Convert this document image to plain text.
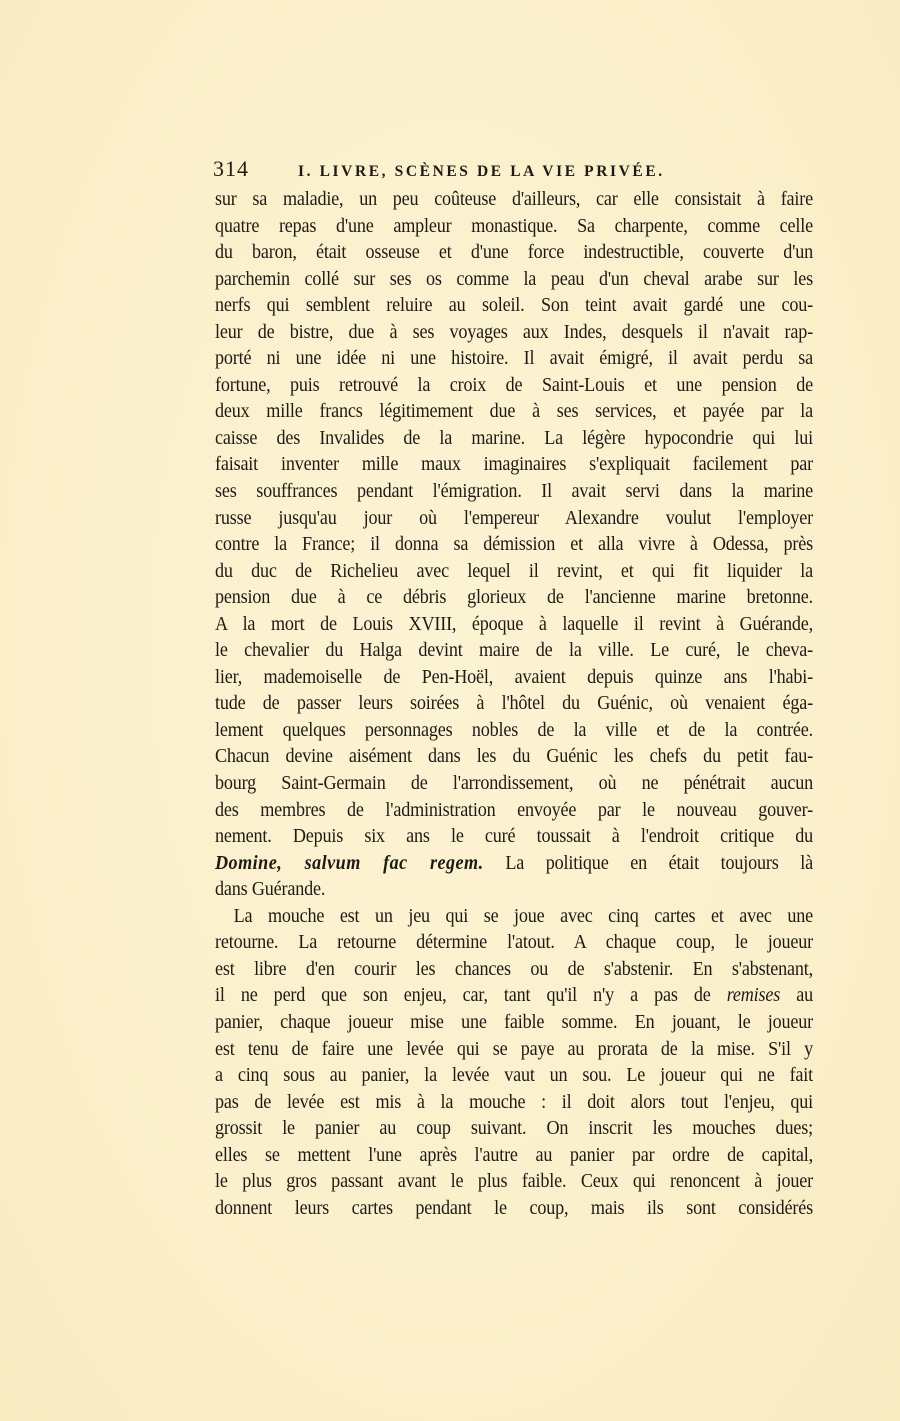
314	I. LIVRE, SCÈNES DE LA VIE PRIVÉE.
sur sa maladie, un peu coûteuse d'ailleurs, car elle consistait à faire
quatre repas d'une ampleur monastique. Sa charpente, comme celle
du baron, était osseuse et d'une force indestructible, couverte d'un
parchemin collé sur ses os comme la peau d'un cheval arabe sur les
nerfs qui semblent reluire au soleil. Son teint avait gardé une cou-
leur de bistre, due à ses voyages aux Indes, desquels il n'avait rap-
porté ni une idée ni une histoire. Il avait émigré, il avait perdu sa
fortune, puis retrouvé la croix de Saint-Louis et une pension de
deux mille francs légitimement due à ses services, et payée par la
caisse des Invalides de la marine. La légère hypocondrie qui lui
faisait inventer mille maux imaginaires s'expliquait facilement par
ses souffrances pendant l'émigration. Il avait servi dans la marine
russe jusqu'au jour où l'empereur Alexandre voulut l'employer
contre la France; il donna sa démission et alla vivre à Odessa, près
du duc de Richelieu avec lequel il revint, et qui fit liquider la
pension due à ce débris glorieux de l'ancienne marine bretonne.
A la mort de Louis XVIII, époque à laquelle il revint à Guérande,
le chevalier du Halga devint maire de la ville. Le curé, le cheva-
lier, mademoiselle de Pen-Hoël, avaient depuis quinze ans l'habi-
tude de passer leurs soirées à l'hôtel du Guénic, où venaient éga-
lement quelques personnages nobles de la ville et de la contrée.
Chacun devine aisément dans les du Guénic les chefs du petit fau-
bourg Saint-Germain de l'arrondissement, où ne pénétrait aucun
des membres de l'administration envoyée par le nouveau gouver-
nement. Depuis six ans le curé toussait à l'endroit critique du
Domine, salvum fac regem. La politique en était toujours là
dans Guérande.
La mouche est un jeu qui se joue avec cinq cartes et avec une
retourne. La retourne détermine l'atout. A chaque coup, le joueur
est libre d'en courir les chances ou de s'abstenir. En s'abstenant,
il ne perd que son enjeu, car, tant qu'il n'y a pas de remises au
panier, chaque joueur mise une faible somme. En jouant, le joueur
est tenu de faire une levée qui se paye au prorata de la mise. S'il y
a cinq sous au panier, la levée vaut un sou. Le joueur qui ne fait
pas de levée est mis à la mouche : il doit alors tout l'enjeu, qui
grossit le panier au coup suivant. On inscrit les mouches dues;
elles se mettent l'une après l'autre au panier par ordre de capital,
le plus gros passant avant le plus faible. Ceux qui renoncent à jouer
donnent leurs cartes pendant le coup, mais ils sont considérés
